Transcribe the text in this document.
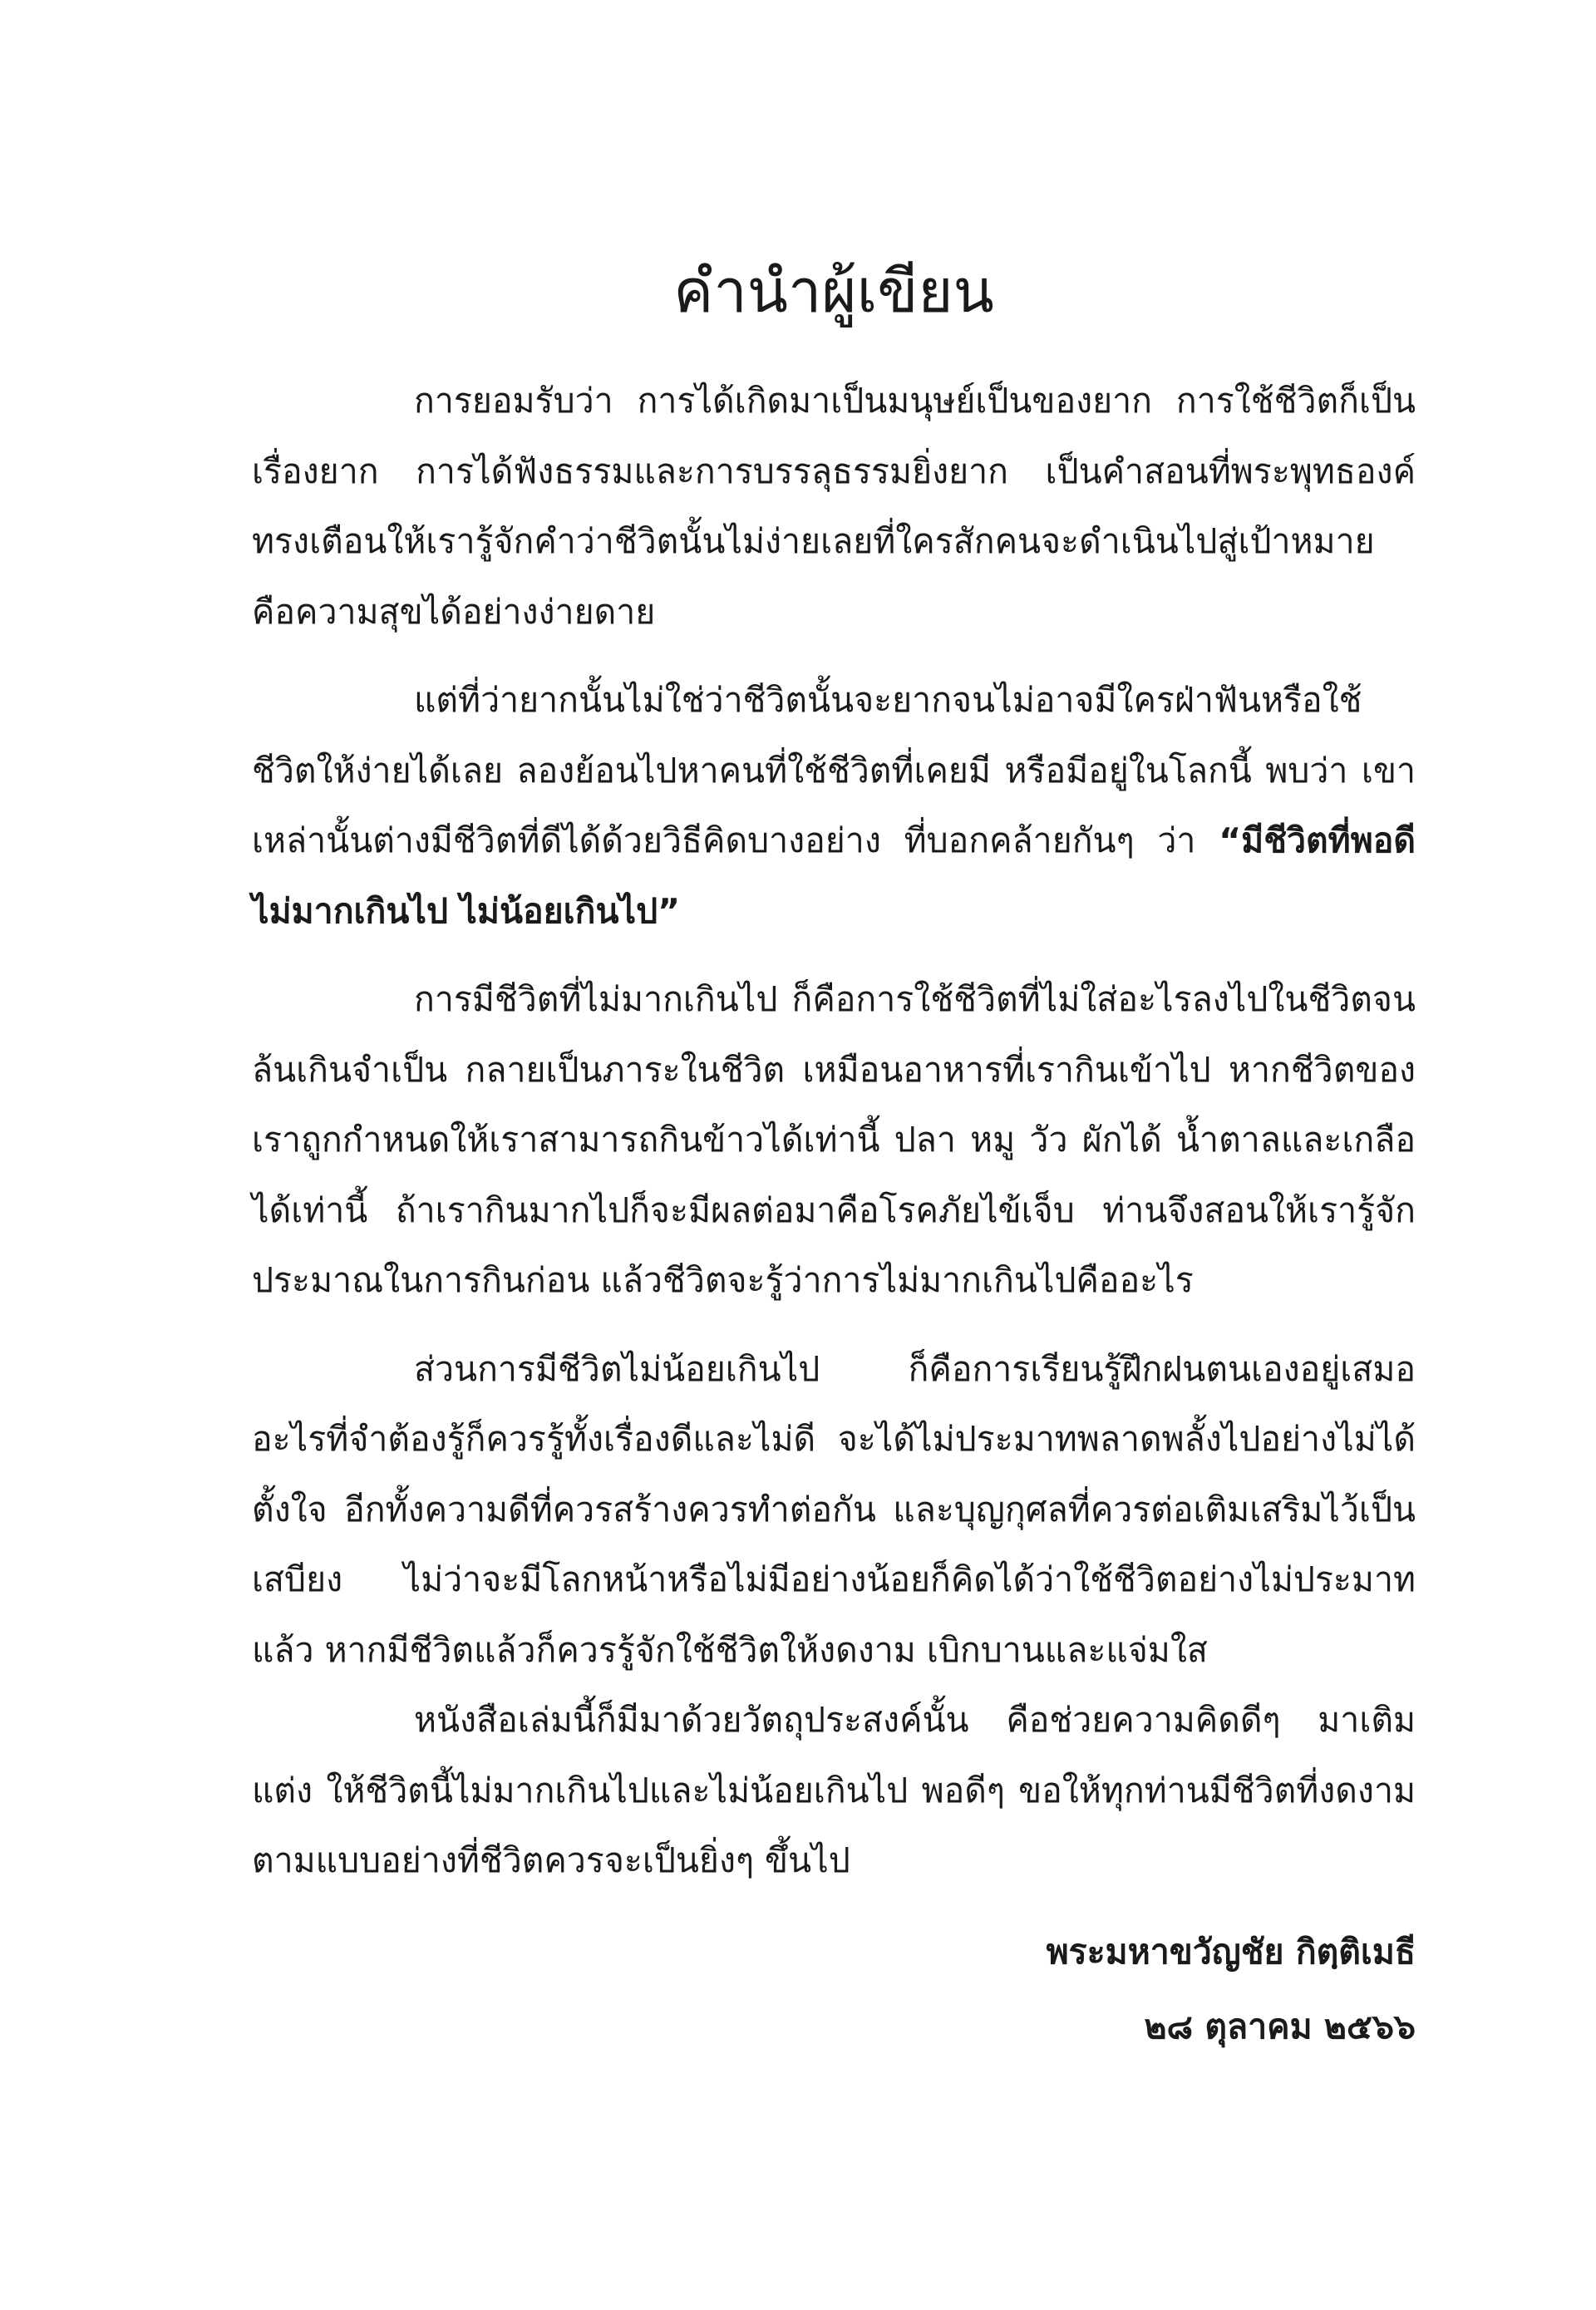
คำนำผู้เขียน

การยอมรับว่า การได้เกิดมาเป็นมนุษย์เป็นของยาก การใช้ชีวิตก็เป็นเรื่องยาก การได้ฟังธรรมและการบรรลุธรรมยิ่งยาก เป็นคำสอนที่พระพุทธองค์ทรงเตือนให้เรารู้จักคำว่าชีวิตนั้นไม่ง่ายเลยที่ใครสักคนจะดำเนินไปสู่เป้าหมายคือความสุขได้อย่างง่ายดาย

แต่ที่ว่ายากนั้นไม่ใช่ว่าชีวิตนั้นจะยากจนไม่อาจมีใครฝ่าฟันหรือใช้ชีวิตให้ง่ายได้เลย ลองย้อนไปหาคนที่ใช้ชีวิตที่เคยมี หรือมีอยู่ในโลกนี้ พบว่า เขาเหล่านั้นต่างมีชีวิตที่ดีได้ด้วยวิธีคิดบางอย่าง ที่บอกคล้ายกันๆ ว่า “มีชีวิตที่พอดี ไม่มากเกินไป ไม่น้อยเกินไป”

การมีชีวิตที่ไม่มากเกินไป ก็คือการใช้ชีวิตที่ไม่ใส่อะไรลงไปในชีวิตจนล้นเกินจำเป็น กลายเป็นภาระในชีวิต เหมือนอาหารที่เรากินเข้าไป หากชีวิตของเราถูกกำหนดให้เราสามารถกินข้าวได้เท่านี้ ปลา หมู วัว ผักได้ น้ำตาลและเกลือได้เท่านี้ ถ้าเรากินมากไปก็จะมีผลต่อมาคือโรคภัยไข้เจ็บ ท่านจึงสอนให้เรารู้จักประมาณในการกินก่อน แล้วชีวิตจะรู้ว่าการไม่มากเกินไปคืออะไร

ส่วนการมีชีวิตไม่น้อยเกินไป ก็คือการเรียนรู้ฝึกฝนตนเองอยู่เสมอ อะไรที่จำต้องรู้ก็ควรรู้ทั้งเรื่องดีและไม่ดี จะได้ไม่ประมาทพลาดพลั้งไปอย่างไม่ได้ตั้งใจ อีกทั้งความดีที่ควรสร้างควรทำต่อกัน และบุญกุศลที่ควรต่อเติมเสริมไว้เป็นเสบียง ไม่ว่าจะมีโลกหน้าหรือไม่มีอย่างน้อยก็คิดได้ว่าใช้ชีวิตอย่างไม่ประมาทแล้ว หากมีชีวิตแล้วก็ควรรู้จักใช้ชีวิตให้งดงาม เบิกบานและแจ่มใส

หนังสือเล่มนี้ก็มีมาด้วยวัตถุประสงค์นั้น คือช่วยความคิดดีๆ มาเติมแต่ง ให้ชีวิตนี้ไม่มากเกินไปและไม่น้อยเกินไป พอดีๆ ขอให้ทุกท่านมีชีวิตที่งดงามตามแบบอย่างที่ชีวิตควรจะเป็นยิ่งๆ ขึ้นไป

พระมหาขวัญชัย กิตฺติเมธี
๒๘ ตุลาคม ๒๕๖๖
